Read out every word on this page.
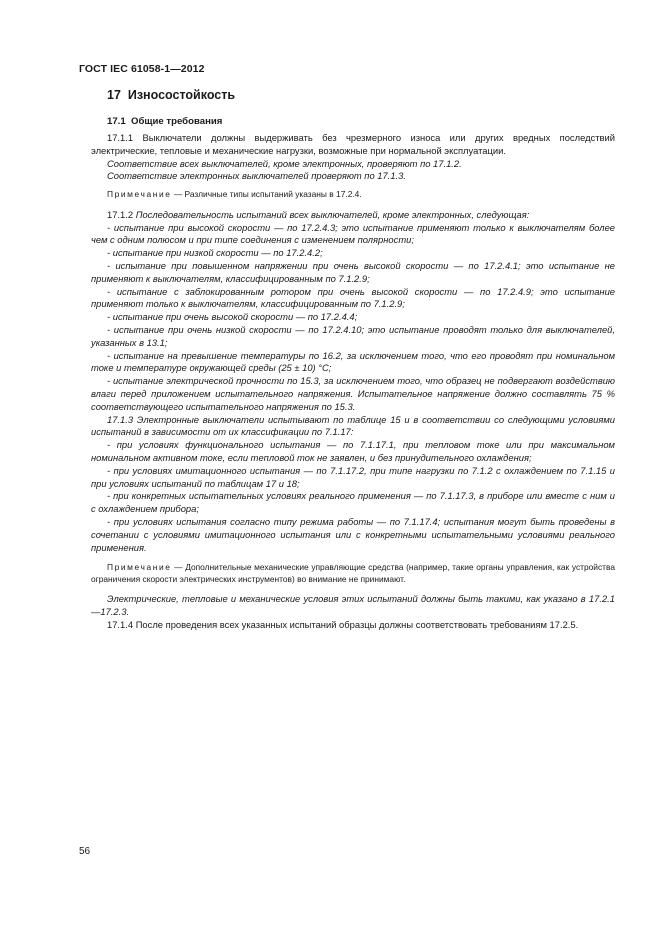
ГОСТ IEC 61058-1—2012
17 Износостойкость
17.1 Общие требования

17.1.1 Выключатели должны выдерживать без чрезмерного износа или других вредных последствий электрические, тепловые и механические нагрузки, возможные при нормальной эксплуатации.

Соответствие всех выключателей, кроме электронных, проверяют по 17.1.2.

Соответствие электронных выключателей проверяют по 17.1.3.

Примечание — Различные типы испытаний указаны в 17.2.4.

17.1.2 Последовательность испытаний всех выключателей, кроме электронных, следующая:

- испытание при высокой скорости — по 17.2.4.3; это испытание применяют только к выключателям более чем с одним полюсом и при типе соединения с изменением полярности;

- испытание при низкой скорости — по 17.2.4.2;

- испытание при повышенном напряжении при очень высокой скорости — по 17.2.4.1; это испытание не применяют к выключателям, классифицированным по 7.1.2.9;

- испытание с заблокированным ротором при очень высокой скорости — по 17.2.4.9; это испытание применяют только к выключателям, классифицированным по 7.1.2.9;

- испытание при очень высокой скорости — по 17.2.4.4;

- испытание при очень низкой скорости — по 17.2.4.10; это испытание проводят только для выключателей, указанных в 13.1;

- испытание на превышение температуры по 16.2, за исключением того, что его проводят при номинальном токе и температуре окружающей среды (25 ± 10) °C;

- испытание электрической прочности по 15.3, за исключением того, что образец не подвергают воздействию влаги перед приложением испытательного напряжения. Испытательное напряжение должно составлять 75 % соответствующего испытательного напряжения по 15.3.

17.1.3 Электронные выключатели испытывают по таблице 15 и в соответствии со следующими условиями испытаний в зависимости от их классификации по 7.1.17:

- при условиях функционального испытания — по 7.1.17.1, при тепловом токе или при максимальном номинальном активном токе, если тепловой ток не заявлен, и без принудительного охлаждения;

- при условиях имитационного испытания — по 7.1.17.2, при типе нагрузки по 7.1.2 с охлаждением по 7.1.15 и при условиях испытаний по таблицам 17 и 18;

- при конкретных испытательных условиях реального применения — по 7.1.17.3, в приборе или вместе с ним и с охлаждением прибора;

- при условиях испытания согласно типу режима работы — по 7.1.17.4; испытания могут быть проведены в сочетании с условиями имитационного испытания или с конкретными испытательными условиями реального применения.

Примечание — Дополнительные механические управляющие средства (например, такие органы управления, как устройства ограничения скорости электрических инструментов) во внимание не принимают.

Электрические, тепловые и механические условия этих испытаний должны быть такими, как указано в 17.2.1—17.2.3.

17.1.4 После проведения всех указанных испытаний образцы должны соответствовать требованиям 17.2.5.

56
